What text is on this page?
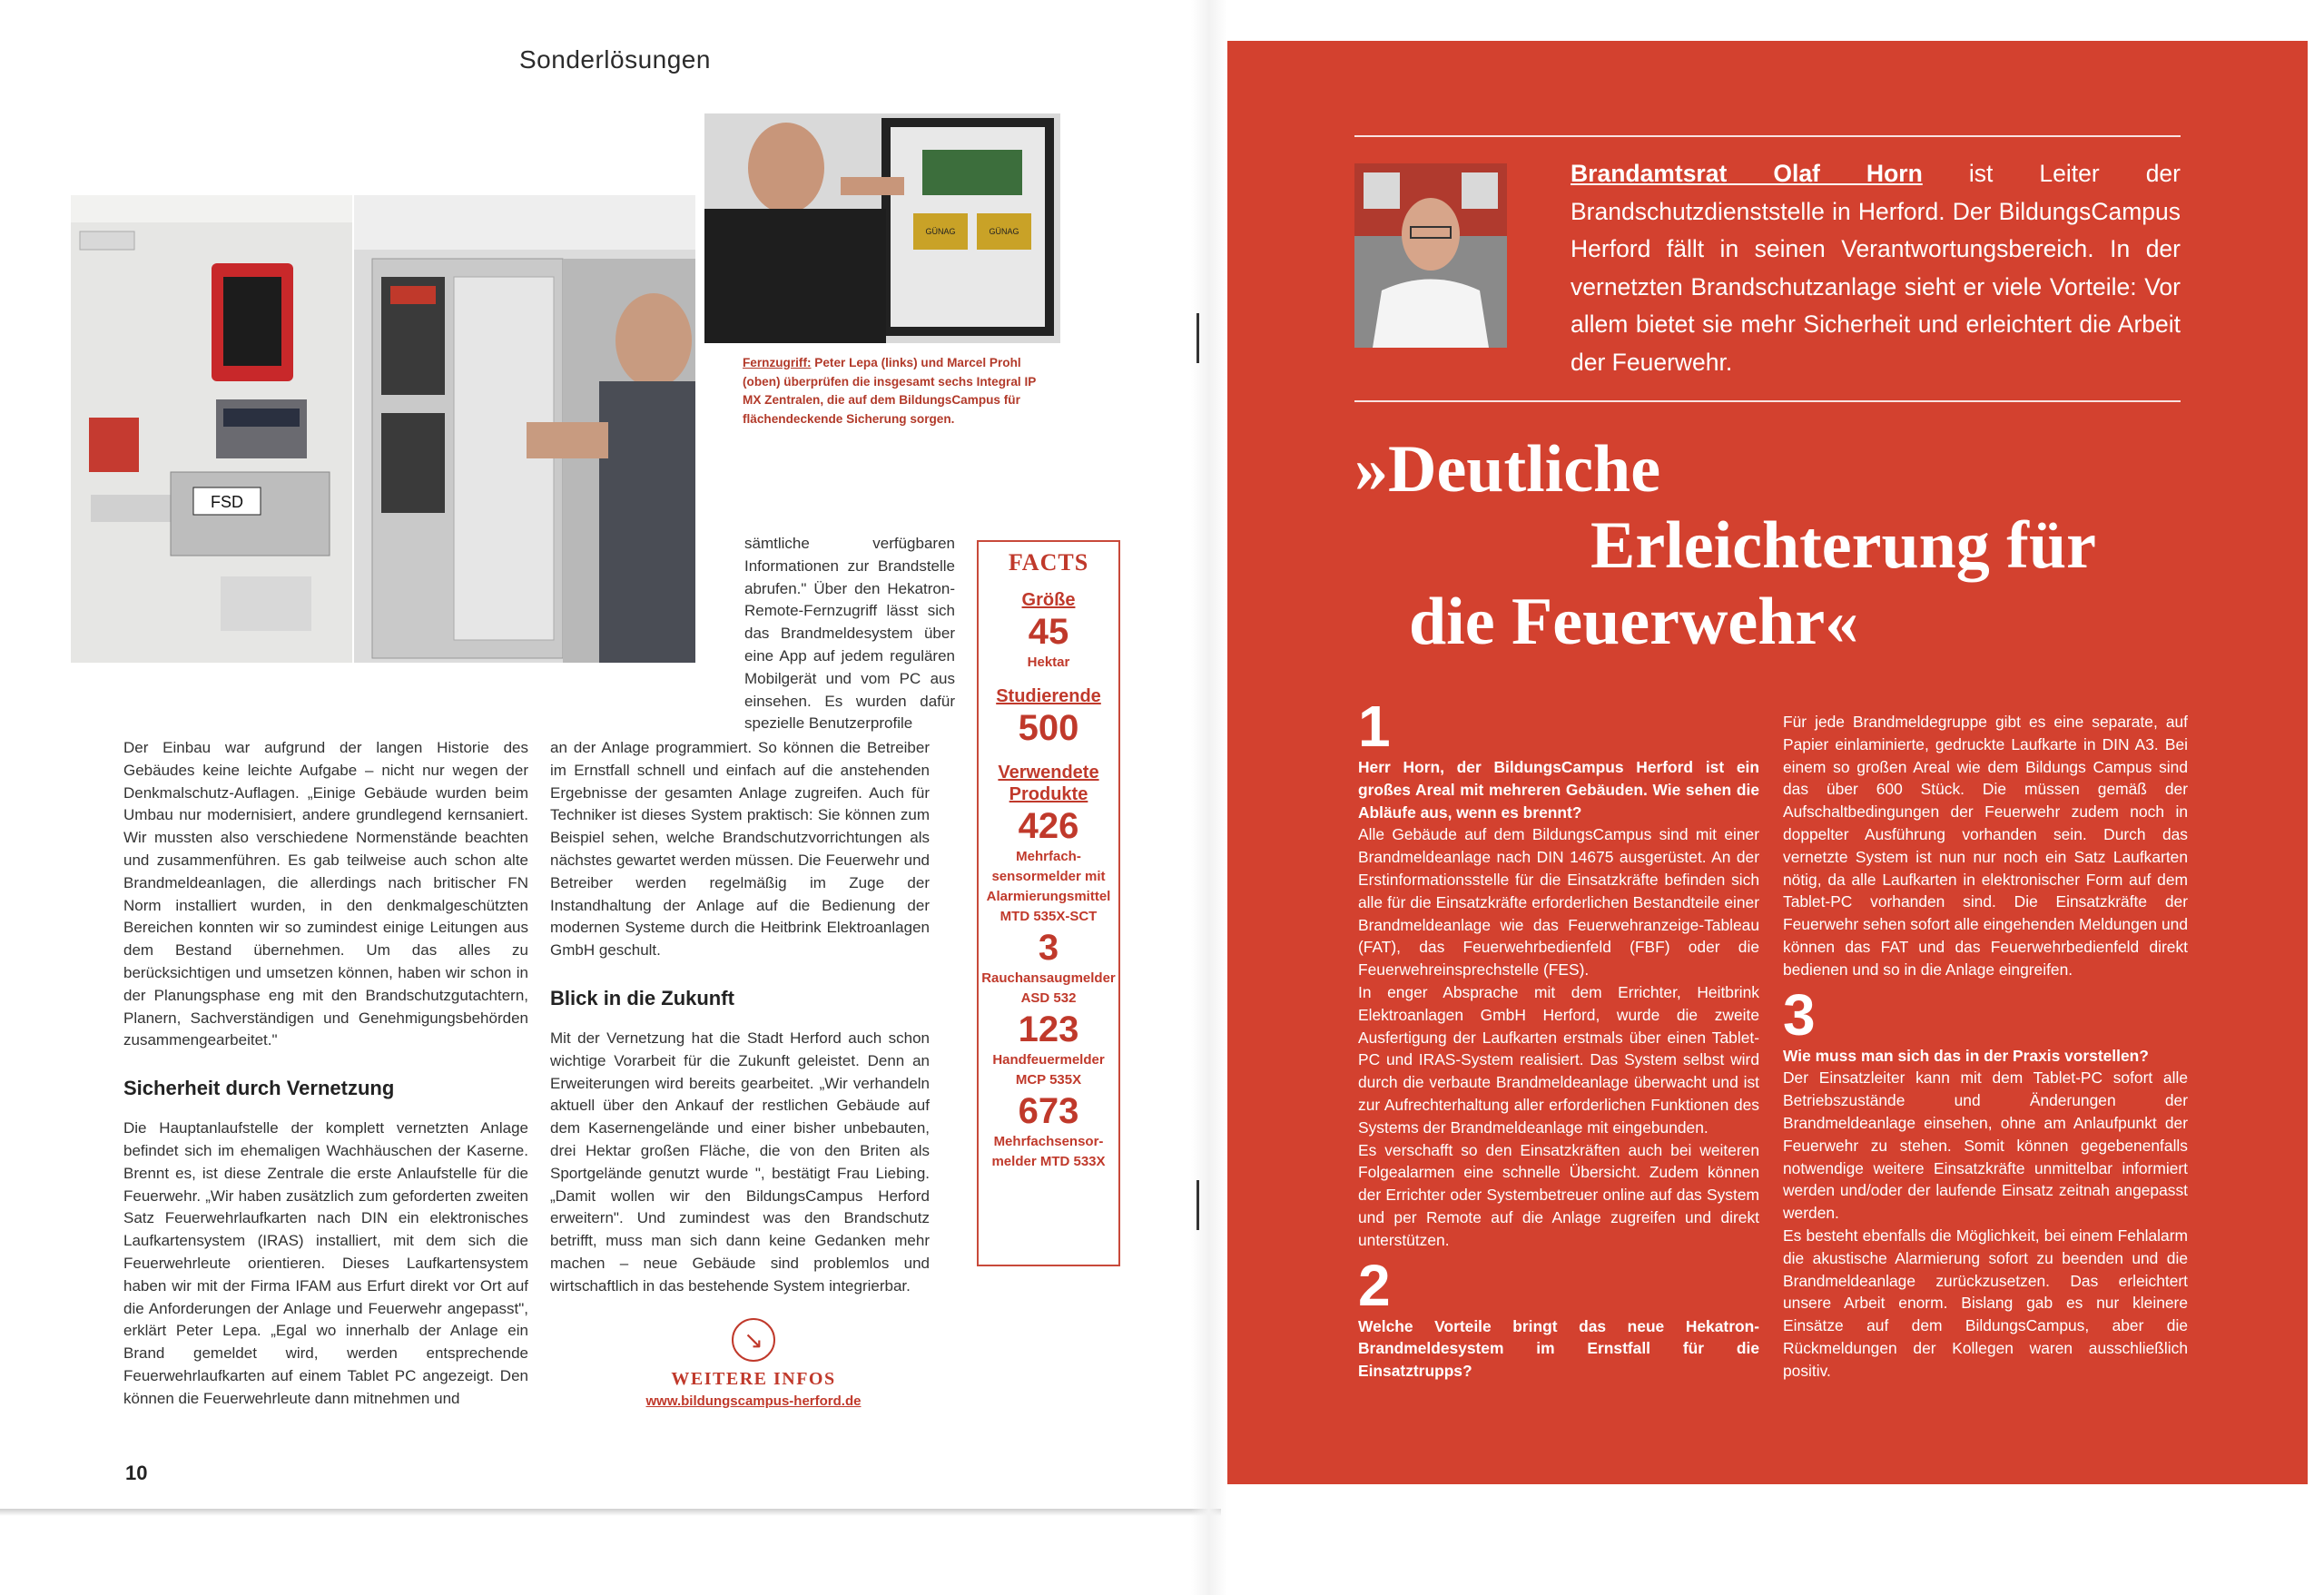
Sonderlösungen
FSD
GÜNAG	GÜNAG
Fernzugriff: Peter Lepa (links) und Marcel Prohl (oben) überprüfen die insgesamt sechs Integral IP MX Zentralen, die auf dem BildungsCampus für flächendeckende Sicherung sorgen.

sämtliche verfügbaren Informationen zur Brandstelle abrufen." Über den Hekatron-Remote-Fernzugriff lässt sich das Brandmeldesystem über eine App auf jedem regulären Mobilgerät und vom PC aus einsehen. Es wurden dafür spezielle Benutzerprofile

Der Einbau war aufgrund der langen Historie des Gebäudes keine leichte Aufgabe – nicht nur wegen der Denkmalschutz-Auflagen. „Einige Gebäude wurden beim Umbau nur modernisiert, andere grundlegend kernsaniert. Wir mussten also verschiedene Normenstände beachten und zusammenführen. Es gab teilweise auch schon alte Brandmeldeanlagen, die allerdings nach britischer FN Norm installiert wurden, in den denkmalgeschützten Bereichen konnten wir so zumindest einige Leitungen aus dem Bestand übernehmen. Um das alles zu berücksichtigen und umsetzen können, haben wir schon in der Planungsphase eng mit den Brandschutzgutachtern, Planern, Sachverständigen und Genehmigungsbehörden zusammengearbeitet."

Sicherheit durch Vernetzung

Die Hauptanlaufstelle der komplett vernetzten Anlage befindet sich im ehemaligen Wachhäuschen der Kaserne. Brennt es, ist diese Zentrale die erste Anlaufstelle für die Feuerwehr. „Wir haben zusätzlich zum geforderten zweiten Satz Feuerwehrlaufkarten nach DIN ein elektronisches Laufkartensystem (IRAS) installiert, mit dem sich die Feuerwehrleute orientieren. Dieses Laufkartensystem haben wir mit der Firma IFAM aus Erfurt direkt vor Ort auf die Anforderungen der Anlage und Feuerwehr angepasst", erklärt Peter Lepa. „Egal wo innerhalb der Anlage ein Brand gemeldet wird, werden entsprechende Feuerwehrlaufkarten auf einem Tablet PC angezeigt. Den können die Feuerwehrleute dann mitnehmen und

an der Anlage programmiert. So können die Betreiber im Ernstfall schnell und einfach auf die anstehenden Ergebnisse der gesamten Anlage zugreifen. Auch für Techniker ist dieses System praktisch: Sie können zum Beispiel sehen, welche Brandschutzvorrichtungen als nächstes gewartet werden müssen. Die Feuerwehr und Betreiber werden regelmäßig im Zuge der Instandhaltung der Anlage auf die Bedienung der modernen Systeme durch die Heitbrink Elektroanlagen GmbH geschult.

Blick in die Zukunft

Mit der Vernetzung hat die Stadt Herford auch schon wichtige Vorarbeit für die Zukunft geleistet. Denn an Erweiterungen wird bereits gearbeitet. „Wir verhandeln aktuell über den Ankauf der restlichen Gebäude auf dem Kasernengelände und einer bisher unbebauten, drei Hektar großen Fläche, die von den Briten als Sportgelände genutzt wurde ", bestätigt Frau Liebing. „Damit wollen wir den BildungsCampus Herford erweitern". Und zumindest was den Brandschutz betrifft, muss man sich dann keine Gedanken mehr machen – neue Gebäude sind problemlos und wirtschaftlich in das bestehende System integrierbar.

FACTS
Größe
45
Hektar
Studierende
500
Verwendete Produkte
426
Mehrfach-sensormelder mit Alarmierungsmittel MTD 535X-SCT
3
Rauchansaugmelder ASD 532
123
Handfeuermelder MCP 535X
673
Mehrfachsensor-melder MTD 533X
↘
WEITERE INFOS
www.bildungscampus-herford.de
10
Brandamtsrat Olaf Horn ist Leiter der Brandschutzdienststelle in Herford. Der BildungsCampus Herford fällt in seinen Verantwortungsbereich. In der vernetzten Brandschutzanlage sieht er viele Vorteile: Vor allem bietet sie mehr Sicherheit und erleichtert die Arbeit der Feuerwehr.
»Deutliche
Erleichterung für
die Feuerwehr«
1

Herr Horn, der BildungsCampus Herford ist ein großes Areal mit mehreren Gebäuden. Wie sehen die Abläufe aus, wenn es brennt?

Alle Gebäude auf dem BildungsCampus sind mit einer Brandmeldeanlage nach DIN 14675 ausgerüstet. An der Erstinformationsstelle für die Einsatzkräfte befinden sich alle für die Einsatzkräfte erforderlichen Bestandteile einer Brandmeldeanlage wie das Feuerwehranzeige-Tableau (FAT), das Feuerwehrbedienfeld (FBF) oder die Feuerwehreinsprechstelle (FES).

In enger Absprache mit dem Errichter, Heitbrink Elektroanlagen GmbH Herford, wurde die zweite Ausfertigung der Laufkarten erstmals über einen Tablet-PC und IRAS-System realisiert. Das System selbst wird durch die verbaute Brandmeldeanlage überwacht und ist zur Aufrechterhaltung aller erforderlichen Funktionen des Systems der Brandmeldeanlage mit eingebunden.

Es verschafft so den Einsatzkräften auch bei weiteren Folgealarmen eine schnelle Übersicht. Zudem können der Errichter oder Systembetreuer online auf das System und per Remote auf die Anlage zugreifen und direkt unterstützen.

2

Welche Vorteile bringt das neue Hekatron-Brandmeldesystem im Ernstfall für die Einsatztrupps?

Für jede Brandmeldegruppe gibt es eine separate, auf Papier einlaminierte, gedruckte Laufkarte in DIN A3. Bei einem so großen Areal wie dem Bildungs Campus sind das über 600 Stück. Die müssen gemäß der Aufschaltbedingungen der Feuerwehr zudem noch in doppelter Ausführung vorhanden sein. Durch das vernetzte System ist nun nur noch ein Satz Laufkarten nötig, da alle Laufkarten in elektronischer Form auf dem Tablet-PC vorhanden sind. Die Einsatzkräfte der Feuerwehr sehen sofort alle eingehenden Meldungen und können das FAT und das Feuerwehrbedienfeld direkt bedienen und so in die Anlage eingreifen.

3

Wie muss man sich das in der Praxis vorstellen?

Der Einsatzleiter kann mit dem Tablet-PC sofort alle Betriebszustände und Änderungen der Brandmeldeanlage einsehen, ohne am Anlaufpunkt der Feuerwehr zu stehen. Somit können gegebenenfalls notwendige weitere Einsatzkräfte unmittelbar informiert werden und/oder der laufende Einsatz zeitnah angepasst werden.

Es besteht ebenfalls die Möglichkeit, bei einem Fehlalarm die akustische Alarmierung sofort zu beenden und die Brandmeldeanlage zurückzusetzen. Das erleichtert unsere Arbeit enorm. Bislang gab es nur kleinere Einsätze auf dem BildungsCampus, aber die Rückmeldungen der Kollegen waren ausschließlich positiv.
